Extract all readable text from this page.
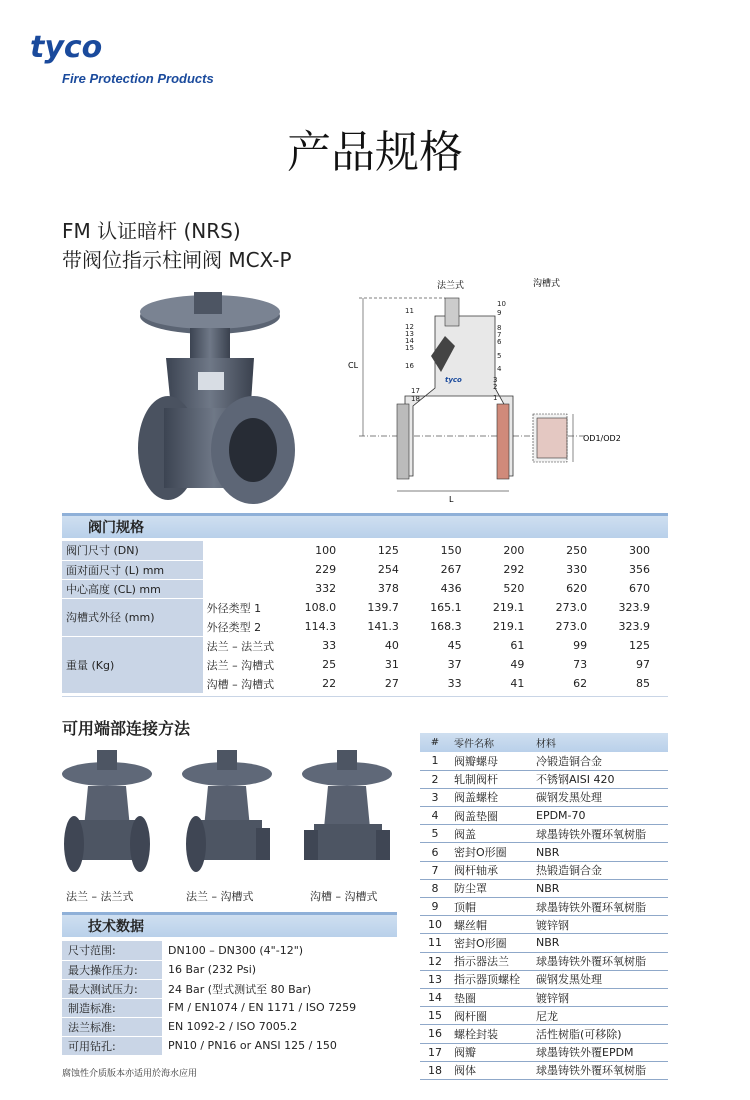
tyco
Fire Protection Products
产品规格
FM 认证暗杆 (NRS)
带阀位指示柱闸阀 MCX-P
法兰式	沟槽式
CL
tyco
L
OD1/OD2
10
9
8
7
6
5
4
3
2
1
11
12
13
14
15
16
17
18
阀门规格
阀门尺寸 (DN)		100	125	150	200	250	300
面对面尺寸 (L) mm		229	254	267	292	330	356
中心高度 (CL) mm		332	378	436	520	620	670
沟槽式外径 (mm)	外径类型 1	108.0	139.7	165.1	219.1	273.0	323.9
	外径类型 2	114.3	141.3	168.3	219.1	273.0	323.9
重量 (Kg)	法兰 – 法兰式	33	40	45	61	99	125
	法兰 – 沟槽式	25	31	37	49	73	97
	沟槽 – 沟槽式	22	27	33	41	62	85
可用端部连接方法
法兰 – 法兰式	法兰 – 沟槽式	沟槽 – 沟槽式
技术数据
尺寸范围:	DN100 – DN300 (4"-12")
最大操作压力:	16 Bar (232 Psi)
最大测试压力:	24 Bar (型式测试至 80 Bar)
制造标准:	FM / EN1074 / EN 1171 / ISO 7259
法兰标准:	EN 1092-2 / ISO 7005.2
可用钻孔:	PN10 / PN16 or ANSI 125 / 150
腐蚀性介质版本亦适用於海水应用
#	零件名称	材料
1	阀瓣螺母	冷锻造铜合金
2	轧制阀杆	不锈钢AISI 420
3	阀盖螺栓	碳钢发黑处理
4	阀盖垫圈	EPDM-70
5	阀盖	球墨铸铁外覆环氧树脂
6	密封O形圈	NBR
7	阀杆轴承	热锻造铜合金
8	防尘罩	NBR
9	顶帽	球墨铸铁外覆环氧树脂
10	螺丝帽	镀锌钢
11	密封O形圈	NBR
12	指示器法兰	球墨铸铁外覆环氧树脂
13	指示器顶螺栓	碳钢发黑处理
14	垫圈	镀锌钢
15	阀杆圈	尼龙
16	螺栓封装	活性树脂(可移除)
17	阀瓣	球墨铸铁外覆EPDM
18	阀体	球墨铸铁外覆环氧树脂
